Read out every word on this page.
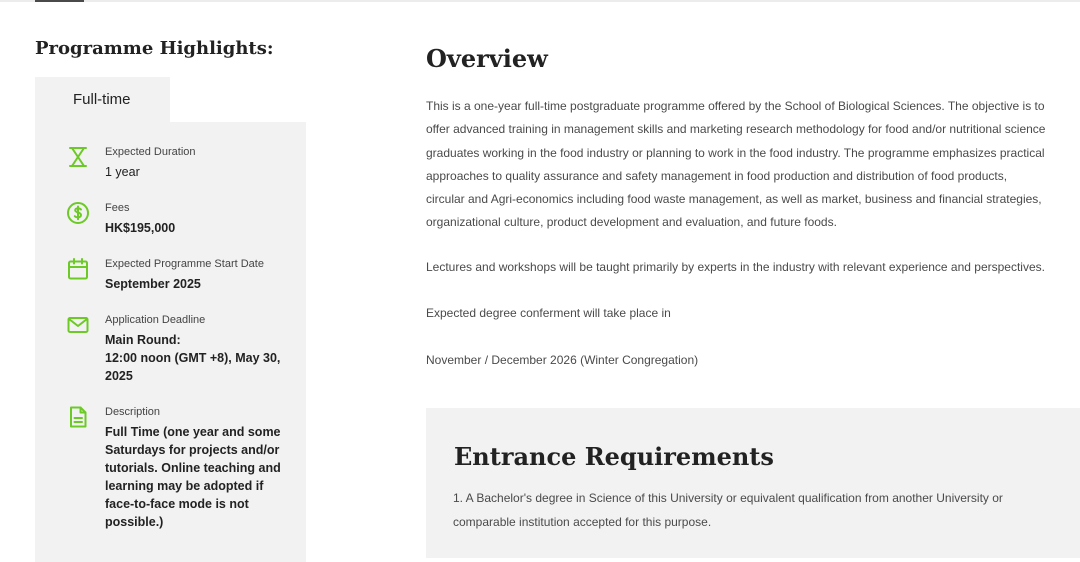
Programme Highlights:
Full-time
Expected Duration
1 year
Fees
HK$195,000
Expected Programme Start Date
September 2025
Application Deadline
Main Round:
12:00 noon (GMT +8), May 30,
2025
Description
Full Time (one year and some
Saturdays for projects and/or
tutorials. Online teaching and
learning may be adopted if
face-to-face mode is not
possible.)
Overview
This is a one-year full-time postgraduate programme offered by the School of Biological Sciences. The objective is to
offer advanced training in management skills and marketing research methodology for food and/or nutritional science
graduates working in the food industry or planning to work in the food industry. The programme emphasizes practical
approaches to quality assurance and safety management in food production and distribution of food products,
circular and Agri-economics including food waste management, as well as market, business and financial strategies,
organizational culture, product development and evaluation, and future foods.
Lectures and workshops will be taught primarily by experts in the industry with relevant experience and perspectives.
Expected degree conferment will take place in
November / December 2026 (Winter Congregation)
Entrance Requirements
1. A Bachelor's degree in Science of this University or equivalent qualification from another University or
comparable institution accepted for this purpose.
